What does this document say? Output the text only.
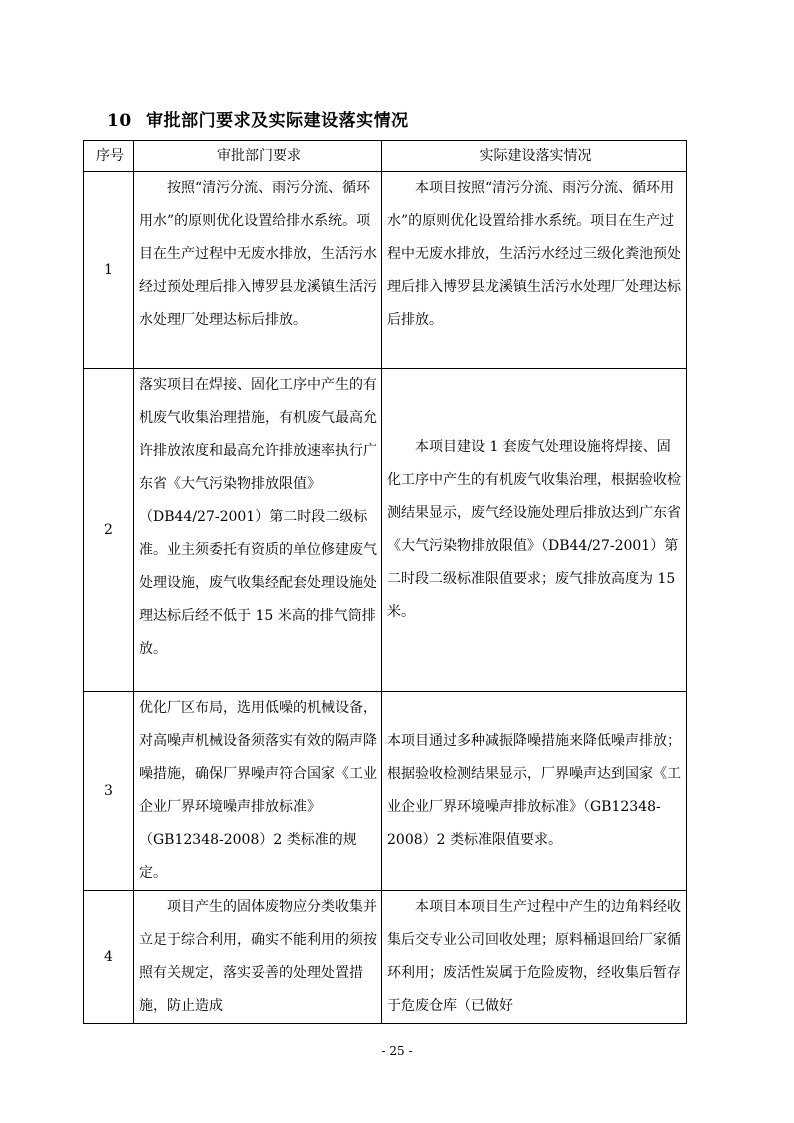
10 审批部门要求及实际建设落实情况
序号	审批部门要求	实际建设落实情况
1	按照“清污分流、雨污分流、循环用水”的原则优化设置给排水系统。项目在生产过程中无废水排放，生活污水经过预处理后排入博罗县龙溪镇生活污水处理厂处理达标后排放。	本项目按照“清污分流、雨污分流、循环用水”的原则优化设置给排水系统。项目在生产过程中无废水排放，生活污水经过三级化粪池预处理后排入博罗县龙溪镇生活污水处理厂处理达标后排放。

2	落实项目在焊接、固化工序中产生的有机废气收集治理措施，有机废气最高允许排放浓度和最高允许排放速率执行广东省《大气污染物排放限值》（DB44/27-2001）第二时段二级标准。业主须委托有资质的单位修建废气处理设施，废气收集经配套处理设施处理达标后经不低于 15 米高的排气筒排放。	本项目建设 1 套废气处理设施将焊接、固化工序中产生的有机废气收集治理，根据验收检测结果显示，废气经设施处理后排放达到广东省《大气污染物排放限值》（DB44/27-2001）第二时段二级标准限值要求；废气排放高度为 15 米。

3	优化厂区布局，选用低噪的机械设备，对高噪声机械设备须落实有效的隔声降噪措施，确保厂界噪声符合国家《工业企业厂界环境噪声排放标准》（GB12348-2008）2 类标准的规定。	本项目通过多种减振降噪措施来降低噪声排放；根据验收检测结果显示，厂界噪声达到国家《工业企业厂界环境噪声排放标准》（GB12348-2008）2 类标准限值要求。
4	项目产生的固体废物应分类收集并立足于综合利用，确实不能利用的须按照有关规定，落实妥善的处理处置措施，防止造成	本项目本项目生产过程中产生的边角料经收集后交专业公司回收处理；原料桶退回给厂家循环利用；废活性炭属于危险废物，经收集后暂存于危废仓库（已做好
- 25 -
